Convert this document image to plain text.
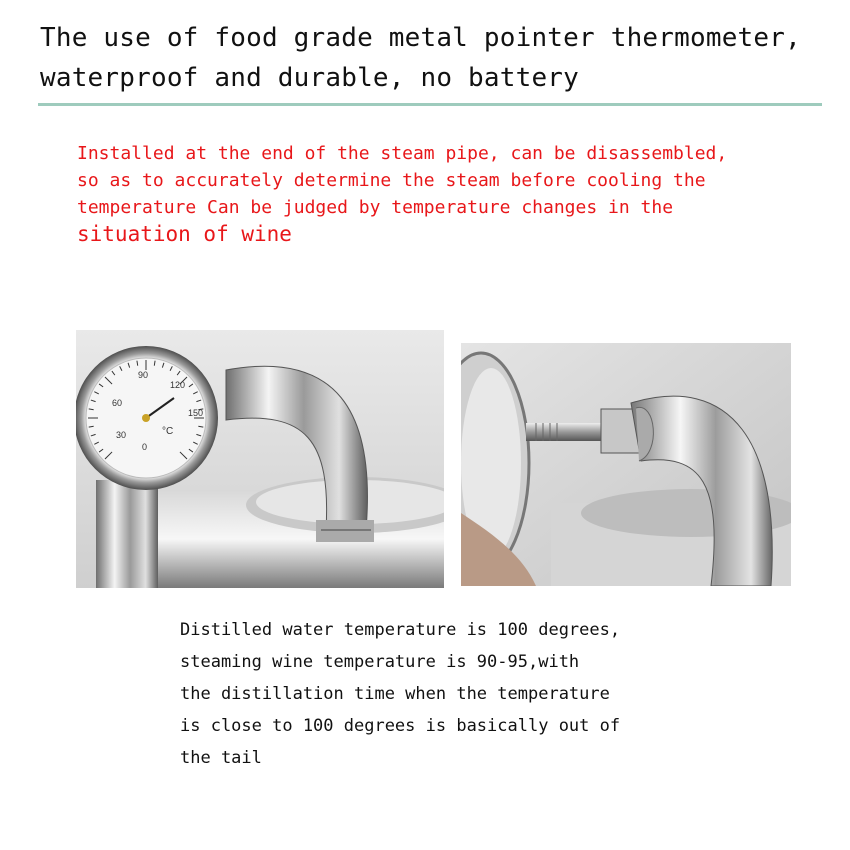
The use of food grade metal pointer thermometer,
waterproof and durable, no battery
Installed at the end of the steam pipe, can be disassembled,
so as to accurately determine the steam before cooling the
temperature Can be judged by temperature changes in the
situation of wine
0
30
60
90
120
150
°C
Distilled water temperature is 100 degrees,
steaming wine temperature is 90-95,with
the distillation time when the temperature
is close to 100 degrees is basically out of
the tail
